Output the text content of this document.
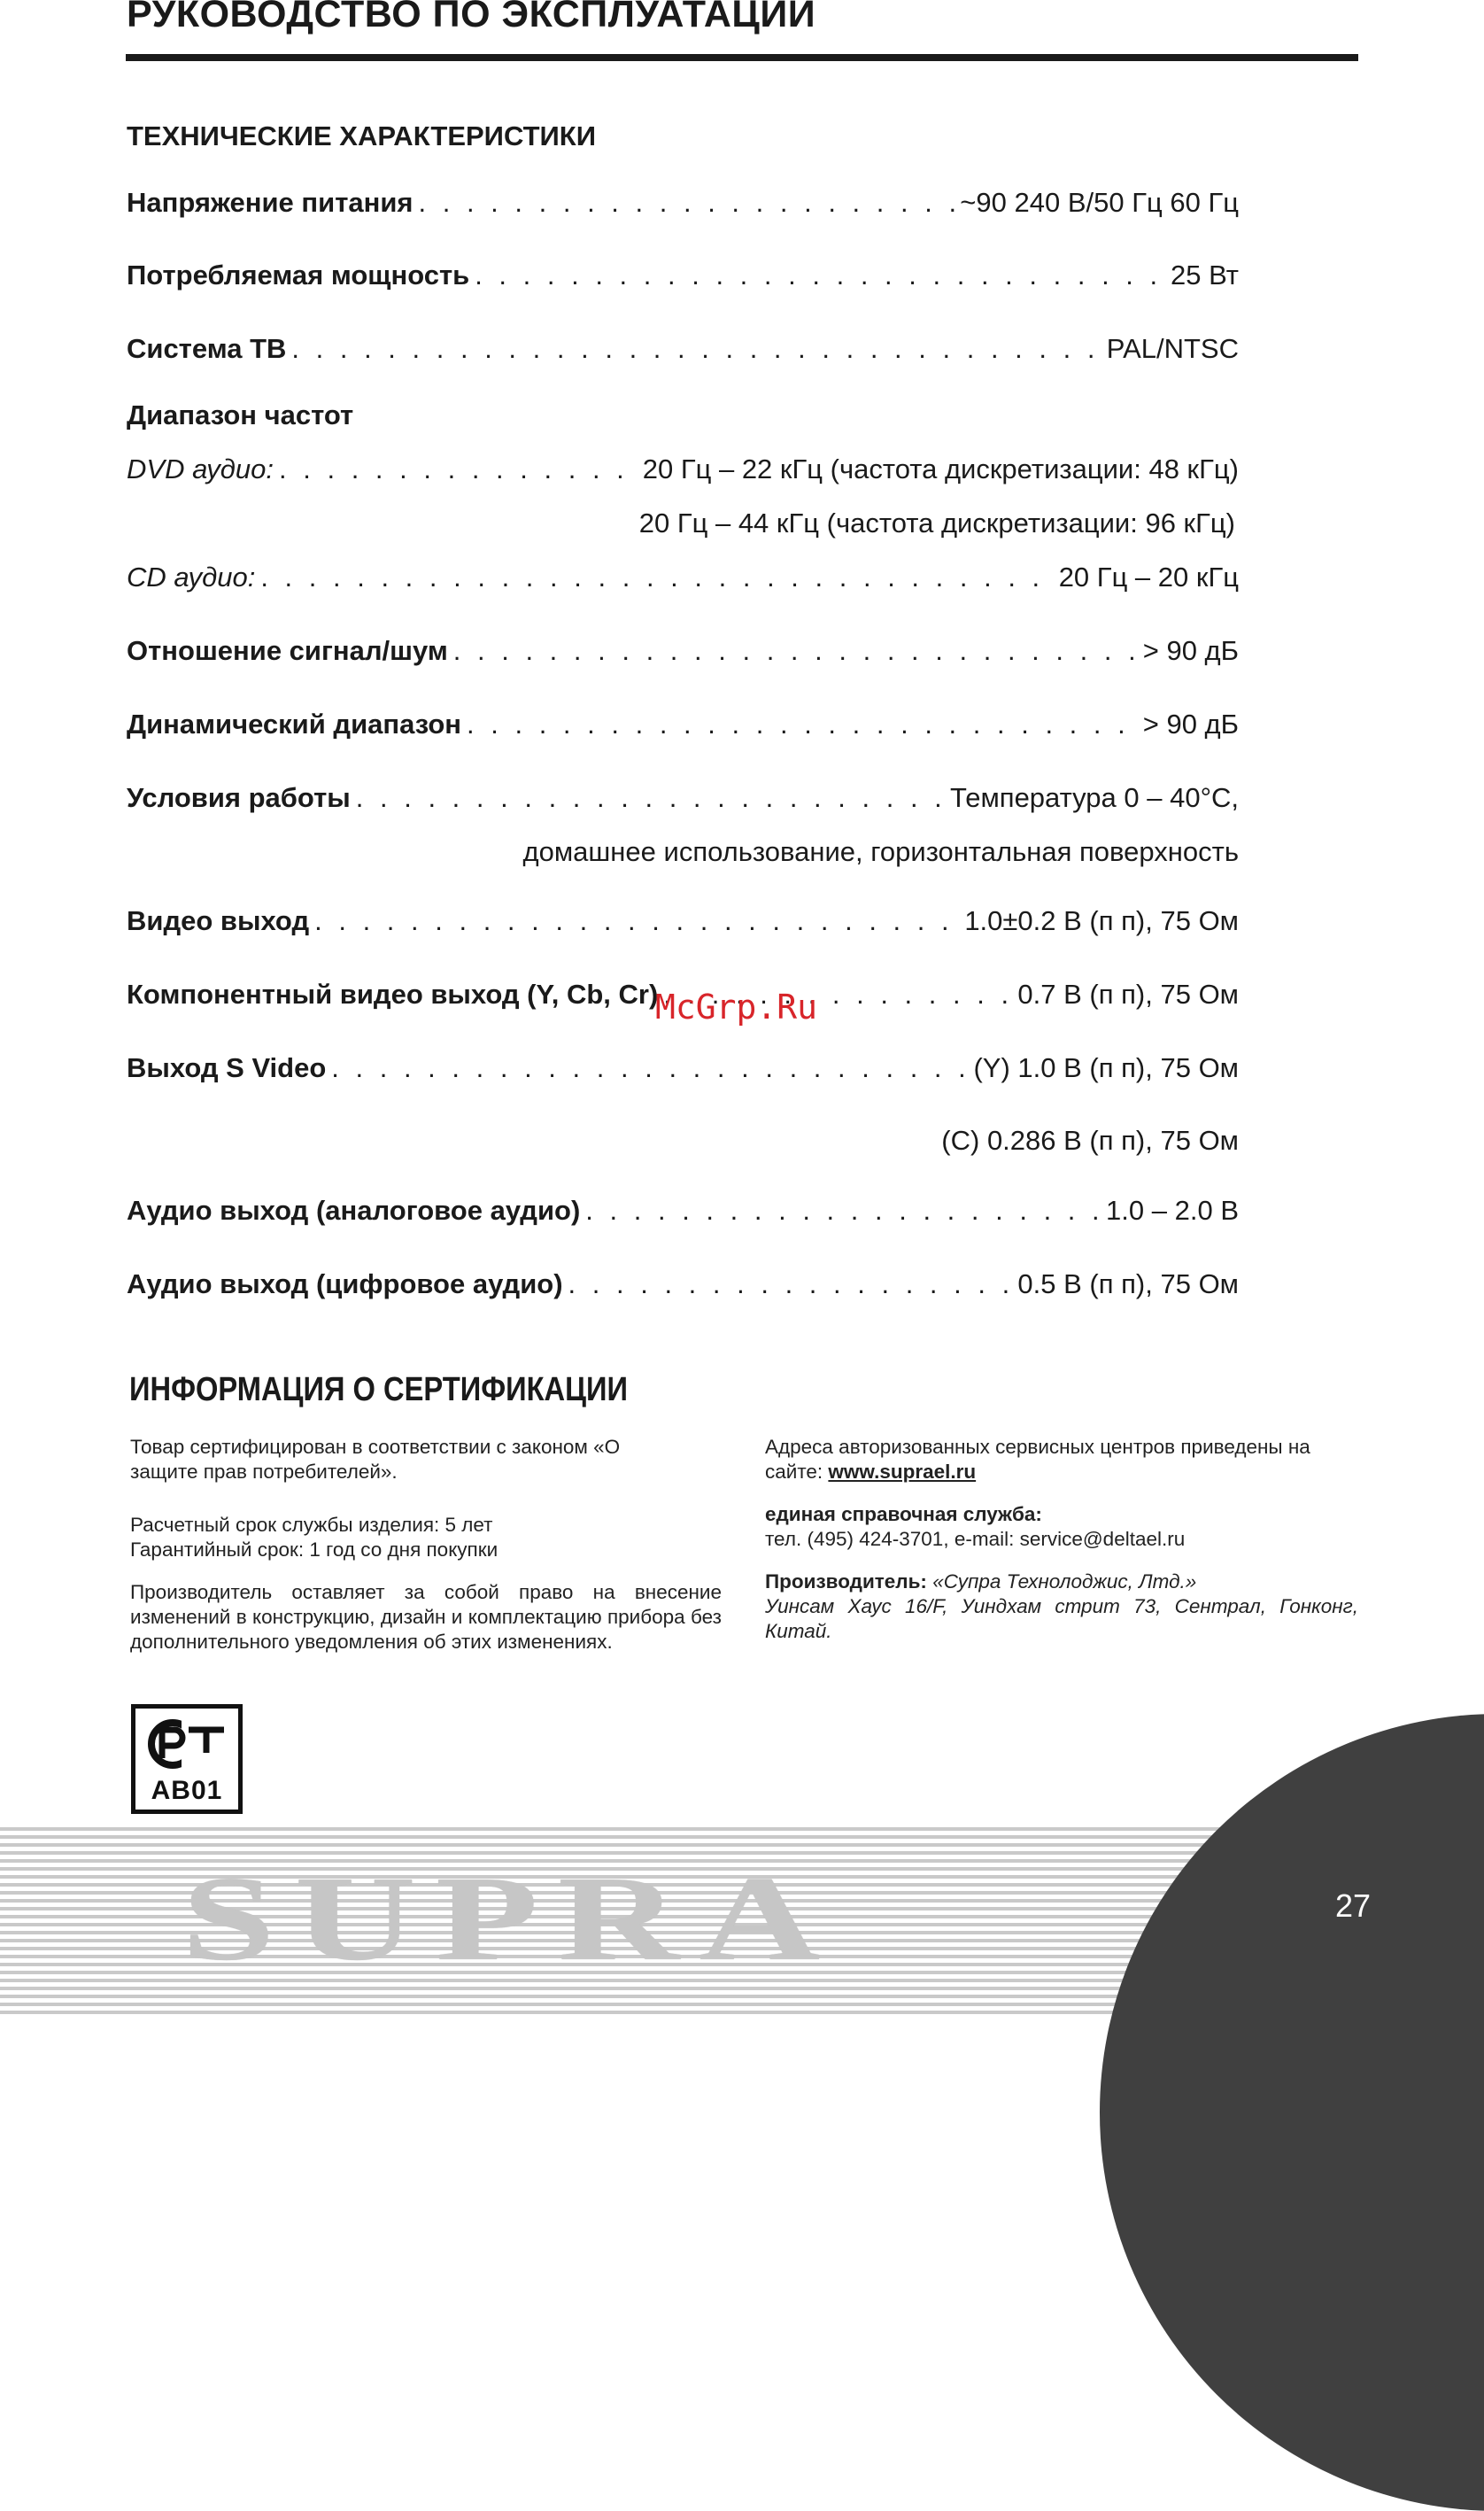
РУКОВОДСТВО ПО ЭКСПЛУАТАЦИИ
ТЕХНИЧЕСКИЕ ХАРАКТЕРИСТИКИ
Напряжение питания . . .	~90 240 В/50 Гц 60 Гц
Потребляемая мощность . . .	25 Вт
Система ТВ . . .	PAL/NTSC
Диапазон частот
DVD аудио: . . .	20 Гц – 22 кГц (частота дискретизации: 48 кГц)
20 Гц – 44 кГц (частота дискретизации: 96 кГц)
CD аудио: . . .	20 Гц – 20 кГц
Отношение сигнал/шум . . .	> 90 дБ
Динамический диапазон . . .	> 90 дБ
Условия работы . . .	Температура 0 – 40°С,
домашнее использование, горизонтальная поверхность
Видео выход . . .	1.0±0.2 В (п п), 75 Ом
Компонентный видео выход (Y, Cb, Cr) . . .	0.7 В (п п), 75 Ом
McGrp.Ru
Выход S Video . . .	(Y) 1.0 В (п п), 75 Ом
(C) 0.286 В (п п), 75 Ом
Аудио выход (аналоговое аудио) . . .	1.0 – 2.0 В
Аудио выход (цифровое аудио) . . .	0.5 В (п п), 75 Ом
ИНФОРМАЦИЯ О СЕРТИФИКАЦИИ

Товар сертифицирован в соответствии с законом «О защите прав потребителей».

Расчетный срок службы изделия: 5 лет
Гарантийный срок: 1 год со дня покупки

Производитель оставляет за собой право на внесение изменений в конструкцию, дизайн и комплектацию прибора без дополнительного уведомления об этих изменениях.

Адреса авторизованных сервисных центров приведены на сайте: www.suprael.ru

единая справочная служба:
тел. (495) 424-3701, e-mail: service@deltael.ru

Производитель: «Супра Технолоджис, Лтд.»
Уинсам Хаус 16/F, Уиндхам стрит 73, Сентрал, Гонконг, Китай.

АВ01
SUPRA	27
